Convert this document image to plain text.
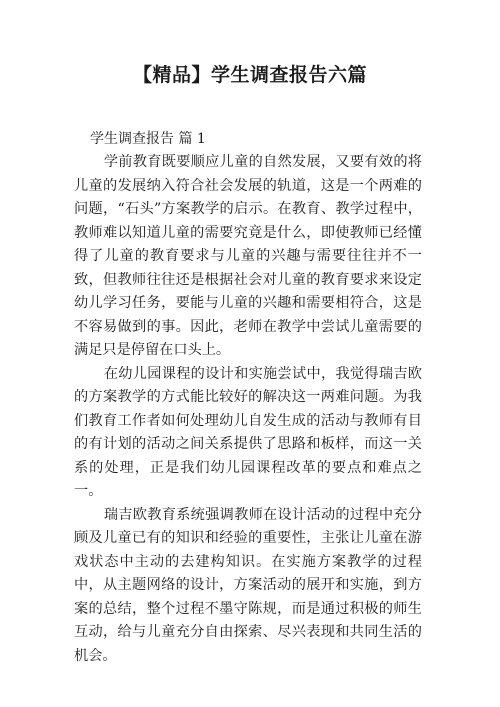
【精品】学生调查报告六篇

学生调查报告 篇 1

学前教育既要顺应儿童的自然发展，又要有效的将儿童的发展纳入符合社会发展的轨道，这是一个两难的问题，“石头”方案教学的启示。在教育、教学过程中，教师难以知道儿童的需要究竟是什么，即使教师已经懂得了儿童的教育要求与儿童的兴趣与需要往往并不一致，但教师往往还是根据社会对儿童的教育要求来设定幼儿学习任务，要能与儿童的兴趣和需要相符合，这是不容易做到的事。因此，老师在教学中尝试儿童需要的满足只是停留在口头上。

在幼儿园课程的设计和实施尝试中，我觉得瑞吉欧的方案教学的方式能比较好的解决这一两难问题。为我们教育工作者如何处理幼儿自发生成的活动与教师有目的有计划的活动之间关系提供了思路和板样，而这一关系的处理，正是我们幼儿园课程改革的要点和难点之一。

瑞吉欧教育系统强调教师在设计活动的过程中充分顾及儿童已有的知识和经验的重要性，主张让儿童在游戏状态中主动的去建构知识。在实施方案教学的过程中，从主题网络的设计，方案活动的展开和实施，到方案的总结，整个过程不墨守陈规，而是通过积极的师生互动，给与儿童充分自由探索、尽兴表现和共同生活的机会。
